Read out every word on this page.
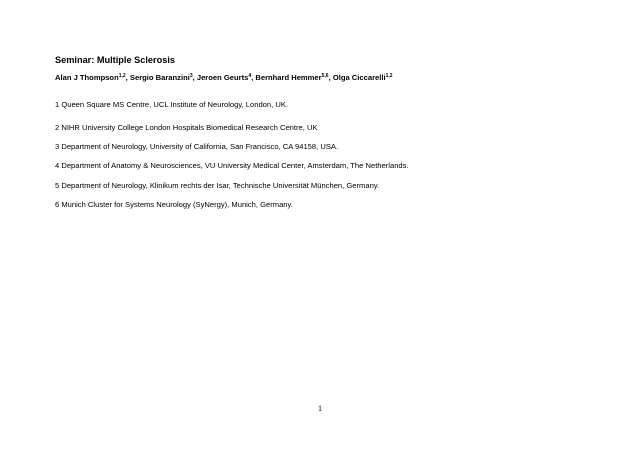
Seminar: Multiple Sclerosis
Alan J Thompson$^{1,2}$, Sergio Baranzini$^3$, Jeroen Geurts$^4$, Bernhard Hemmer$^{5,6}$, Olga Ciccarelli$^{1,2}$
1 Queen Square MS Centre, UCL Institute of Neurology, London, UK.
2 NIHR University College London Hospitals Biomedical Research Centre, UK
3 Department of Neurology, University of California, San Francisco, CA 94158, USA.
4 Department of Anatomy & Neurosciences, VU University Medical Center, Amsterdam, The Netherlands.
5 Department of Neurology, Klinikum rechts der Isar, Technische Universität München, Germany.
6 Munich Cluster for Systems Neurology (SyNergy), Munich, Germany.
1
